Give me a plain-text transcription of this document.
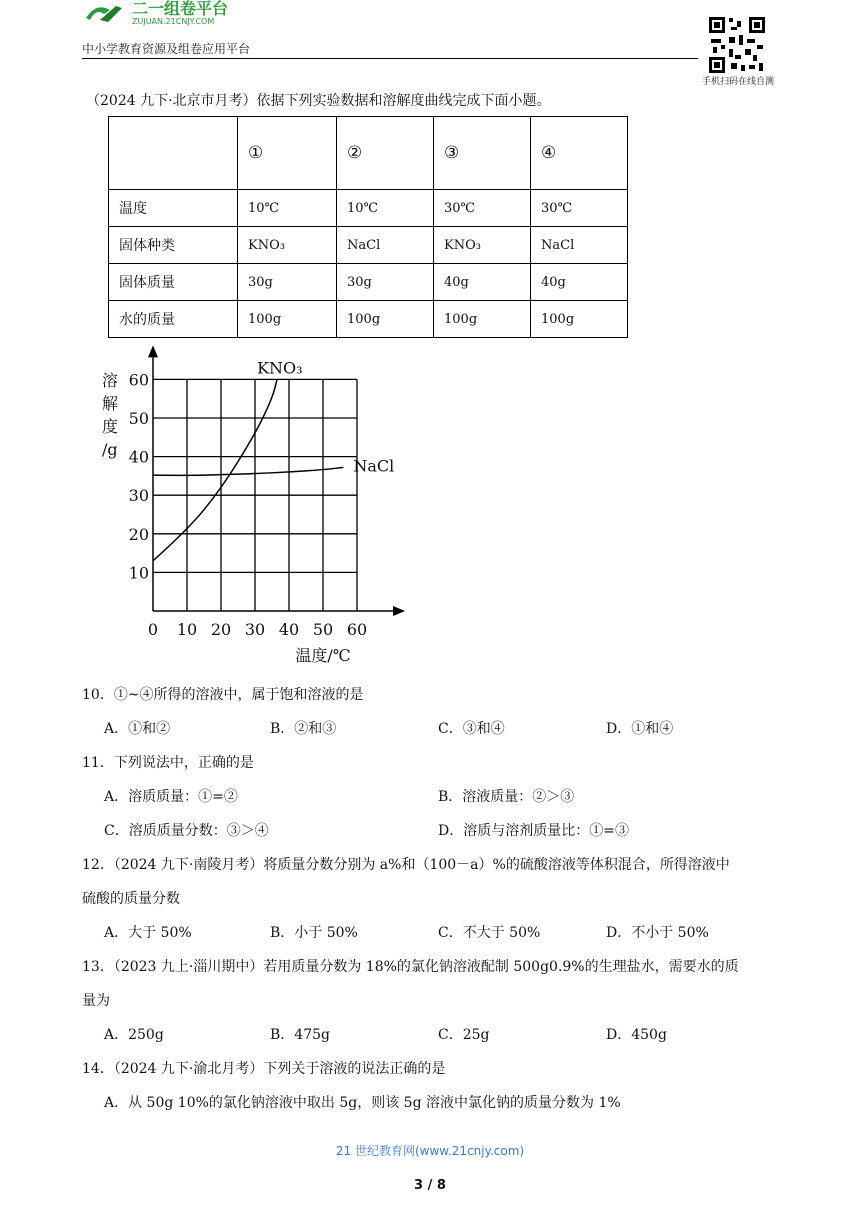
二一组卷平台
ZUJUAN.21CNJY.COM
中小学教育资源及组卷应用平台
手机扫码在线自测
（2024 九下·北京市月考）依据下列实验数据和溶解度曲线完成下面小题。
	①	②	③	④
温度	10℃	10℃	30℃	30℃
固体种类	KNO₃	NaCl	KNO₃	NaCl
固体质量	30g	30g	40g	40g
水的质量	100g	100g	100g	100g
0 10 20 30 40 50 60
10
20
30
40
50
60
KNO₃
NaCl
溶
解
度
/g
温度/℃
10．①~④所得的溶液中，属于饱和溶液的是
A．①和②	B．②和③	C．③和④	D．①和④
11．下列说法中，正确的是
A．溶质质量：①=②	B．溶液质量：②＞③
C．溶质质量分数：③＞④	D．溶质与溶剂质量比：①=③
12．（2024 九下·南陵月考）将质量分数分别为 a%和（100－a）%的硫酸溶液等体积混合，所得溶液中
硫酸的质量分数
A．大于 50%	B．小于 50%	C．不大于 50%	D．不小于 50%
13．（2023 九上·淄川期中）若用质量分数为 18%的氯化钠溶液配制 500g0.9%的生理盐水，需要水的质
量为
A．250g	B．475g	C．25g	D．450g
14．（2024 九下·渝北月考）下列关于溶液的说法正确的是
A．从 50g 10%的氯化钠溶液中取出 5g，则该 5g 溶液中氯化钠的质量分数为 1%
21 世纪教育网(www.21cnjy.com)
3 / 8
